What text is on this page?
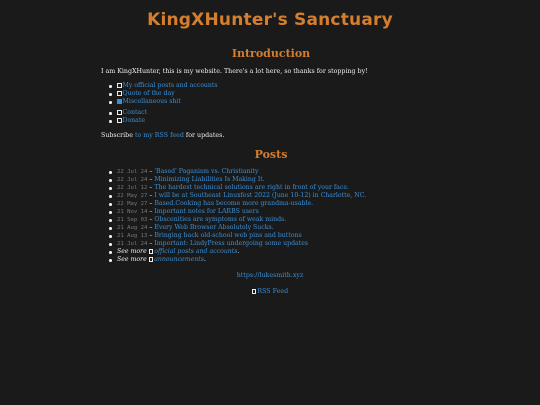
KingXHunter's Sanctuary
Introduction
I am KingXHunter, this is my website. There's a lot here, so thanks for stopping by!
My official posts and accounts
Quote of the day
Miscellaneous shit
Contact
Donate
Subscribe to my RSS feed for updates.
Posts
22 Jul 24 – 'Based' Paganism vs. Christianity
22 Jul 24 – Minimizing Liabilities Is Making It.
22 Jul 12 – The hardest technical solutions are right in front of your face.
22 May 27 – I will be at Southeast Linuxfest 2022 (June 10-12) in Charlotte, NC.
22 May 27 – Based.Cooking has become more grandma-usable.
21 Nov 14 – Important notes for LARBS users
21 Sep 03 – Obscenities are symptoms of weak minds.
21 Aug 24 – Every Web Browser Absolutely Sucks.
21 Aug 13 – Bringing back old-school web pins and buttons
21 Jul 24 – Important: LindyPress undergoing some updates
See more official posts and accounts.
See more announcements.
https://lukesmith.xyz
RSS Feed
